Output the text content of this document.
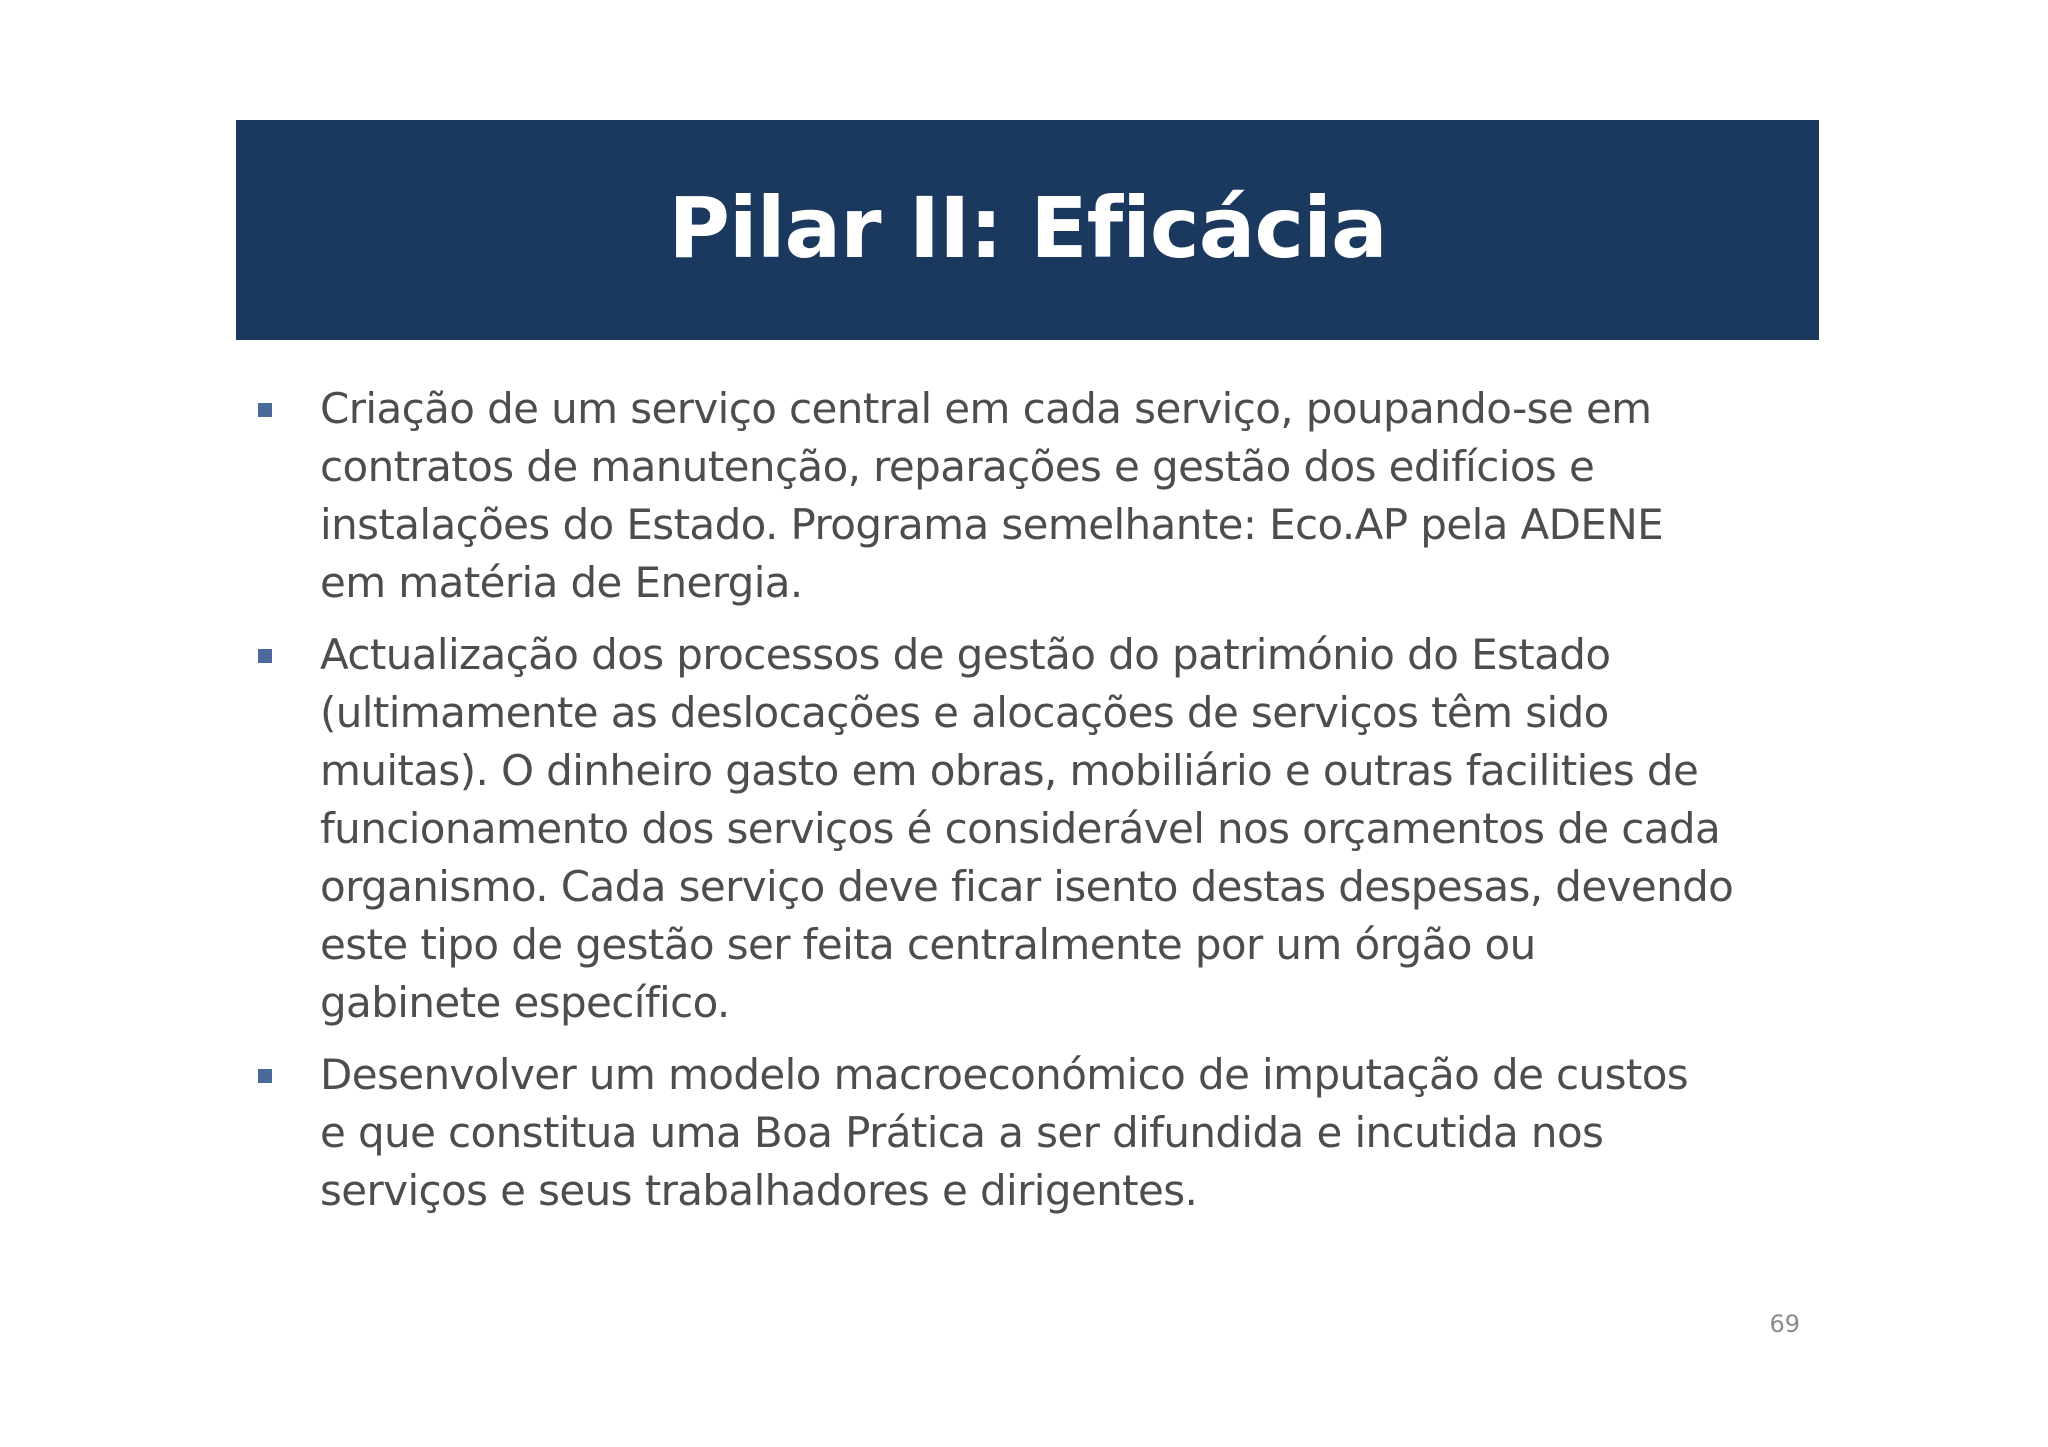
Pilar II: Eficácia
Criação de um serviço central em cada serviço, poupando-se em
contratos de manutenção, reparações e gestão dos edifícios e
instalações do Estado. Programa semelhante: Eco.AP pela ADENE
em matéria de Energia.
Actualização dos processos de gestão do património do Estado
(ultimamente as deslocações e alocações de serviços têm sido
muitas). O dinheiro gasto em obras, mobiliário e outras facilities de
funcionamento dos serviços é considerável nos orçamentos de cada
organismo. Cada serviço deve ficar isento destas despesas, devendo
este tipo de gestão ser feita centralmente por um órgão ou
gabinete específico.
Desenvolver um modelo macroeconómico de imputação de custos
e que constitua uma Boa Prática a ser difundida e incutida nos
serviços e seus trabalhadores e dirigentes.
69
